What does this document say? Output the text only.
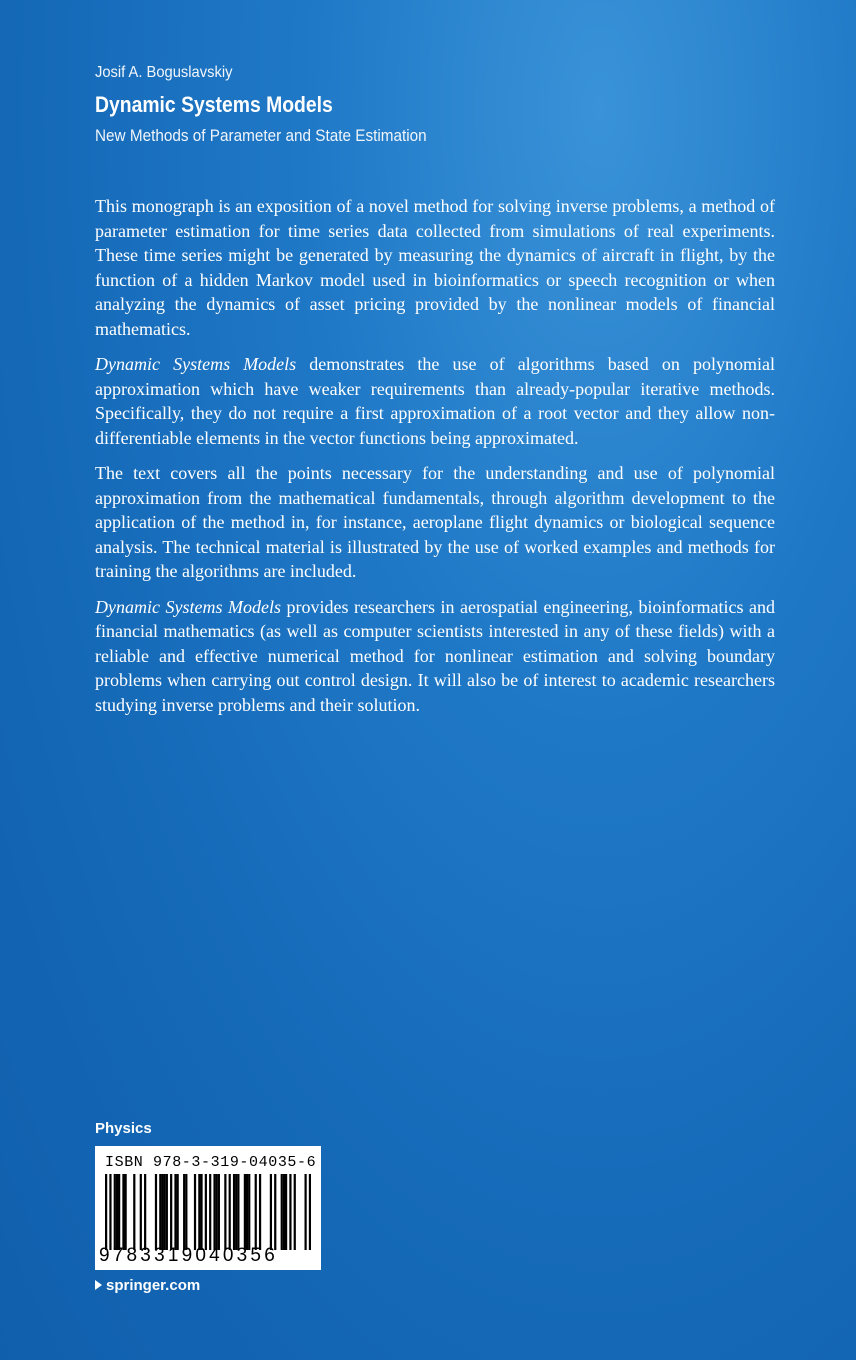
Josif A. Boguslavskiy
Dynamic Systems Models
New Methods of Parameter and State Estimation

This monograph is an exposition of a novel method for solving inverse problems, a method of parameter estimation for time series data collected from simulations of real experiments. These time series might be generated by measuring the dynamics of aircraft in flight, by the function of a hidden Markov model used in bioinformatics or speech recognition or when analyzing the dynamics of asset pricing provided by the nonlinear models of financial mathematics.

Dynamic Systems Models demonstrates the use of algorithms based on polynomial approximation which have weaker requirements than already-popular iterative methods. Specifically, they do not require a first approximation of a root vector and they allow non-differentiable elements in the vector functions being approximated.

The text covers all the points necessary for the understanding and use of polynomial approximation from the mathematical fundamentals, through algorithm development to the application of the method in, for instance, aeroplane flight dynamics or biological sequence analysis. The technical material is illustrated by the use of worked examples and methods for training the algorithms are included.

Dynamic Systems Models provides researchers in aerospatial engineering, bioinformatics and financial mathematics (as well as computer scientists interested in any of these fields) with a reliable and effective numerical method for nonlinear estimation and solving boundary problems when carrying out control design. It will also be of interest to academic researchers studying inverse problems and their solution.

Physics
ISBN 978-3-319-04035-6
9783319040356
springer.com
